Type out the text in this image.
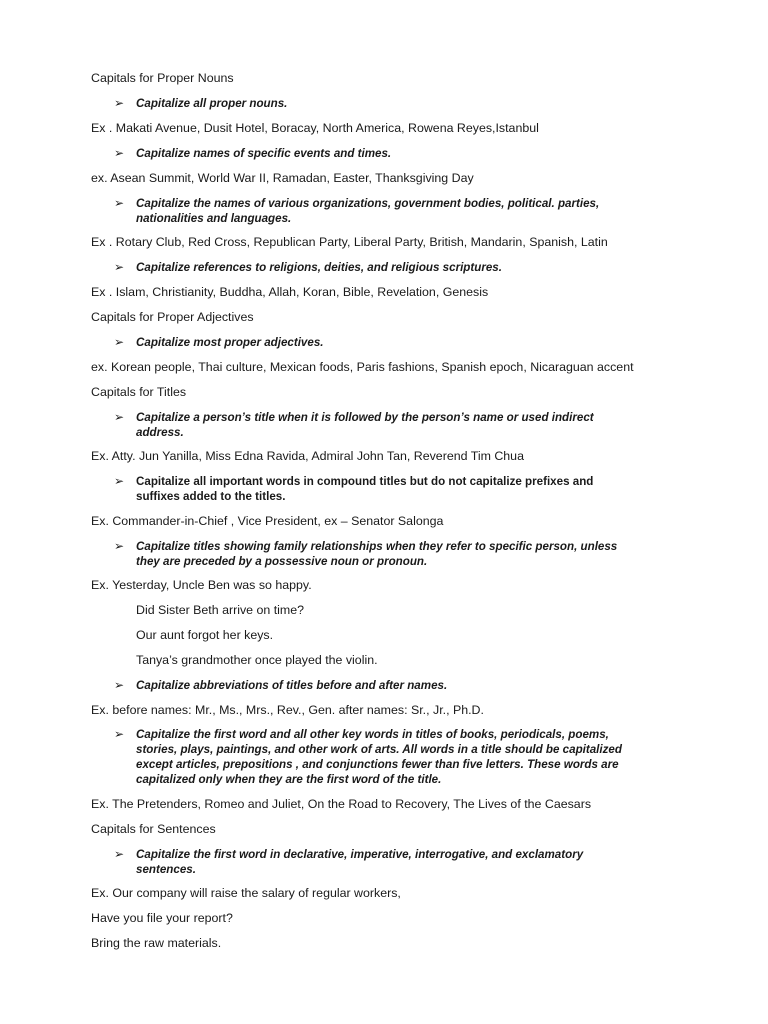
Capitals for Proper Nouns
➢ Capitalize all proper nouns.
Ex . Makati Avenue, Dusit Hotel, Boracay, North America, Rowena Reyes,Istanbul
➢ Capitalize names of specific events and times.
ex. Asean Summit, World War II, Ramadan, Easter, Thanksgiving Day
➢ Capitalize the names of various organizations, government bodies, political. parties,
nationalities and languages.
Ex . Rotary Club, Red Cross, Republican Party, Liberal Party, British, Mandarin, Spanish, Latin
➢ Capitalize references to religions, deities, and religious scriptures.
Ex . Islam, Christianity, Buddha, Allah, Koran, Bible, Revelation, Genesis
Capitals for Proper Adjectives
➢ Capitalize most proper adjectives.
ex. Korean people, Thai culture, Mexican foods, Paris fashions, Spanish epoch, Nicaraguan accent
Capitals for Titles
➢ Capitalize a person’s title when it is followed by the person’s name or used indirect
address.
Ex. Atty. Jun Yanilla, Miss Edna Ravida, Admiral John Tan, Reverend Tim Chua
➢ Capitalize all important words in compound titles but do not capitalize prefixes and
suffixes added to the titles.
Ex. Commander-in-Chief , Vice President, ex – Senator Salonga
➢ Capitalize titles showing family relationships when they refer to specific person, unless
they are preceded by a possessive noun or pronoun.
Ex. Yesterday, Uncle Ben was so happy.
Did Sister Beth arrive on time?
Our aunt forgot her keys.
Tanya’s grandmother once played the violin.
➢ Capitalize abbreviations of titles before and after names.
Ex. before names: Mr., Ms., Mrs., Rev., Gen. after names: Sr., Jr., Ph.D.
➢ Capitalize the first word and all other key words in titles of books, periodicals, poems,
stories, plays, paintings, and other work of arts. All words in a title should be capitalized
except articles, prepositions , and conjunctions fewer than five letters. These words are
capitalized only when they are the first word of the title.
Ex. The Pretenders, Romeo and Juliet, On the Road to Recovery, The Lives of the Caesars
Capitals for Sentences
➢ Capitalize the first word in declarative, imperative, interrogative, and exclamatory
sentences.
Ex. Our company will raise the salary of regular workers,
Have you file your report?
Bring the raw materials.
